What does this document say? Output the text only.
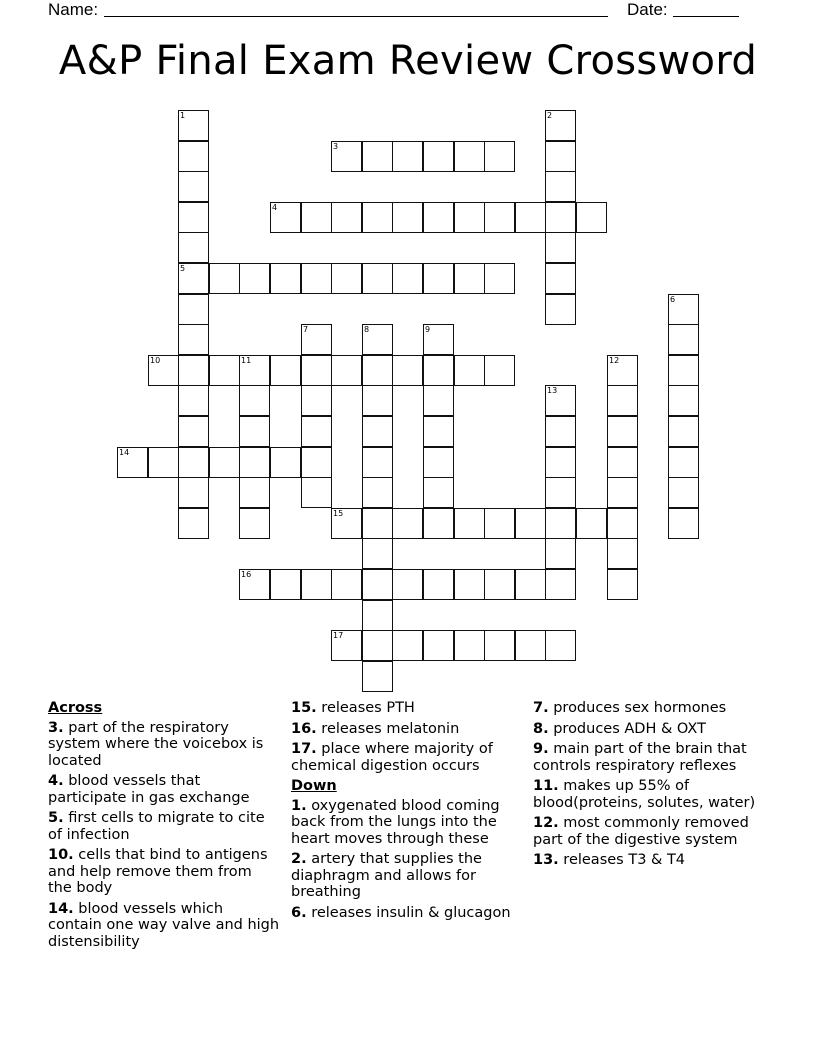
Name:	Date:
A&P Final Exam Review Crossword
1
5
2
3
4
6
7	8	9
10	11	12
13
14
15
16
17
Across
3. part of the respiratory system where the voicebox is located
4. blood vessels that participate in gas exchange
5. first cells to migrate to cite of infection
10. cells that bind to antigens and help remove them from the body
14. blood vessels which contain one way valve and high distensibility
15. releases PTH
16. releases melatonin
17. place where majority of chemical digestion occurs
Down
1. oxygenated blood coming back from the lungs into the heart moves through these
2. artery that supplies the diaphragm and allows for breathing
6. releases insulin & glucagon
7. produces sex hormones
8. produces ADH & OXT
9. main part of the brain that controls respiratory reflexes
11. makes up 55% of blood(proteins, solutes, water)
12. most commonly removed part of the digestive system
13. releases T3 & T4
